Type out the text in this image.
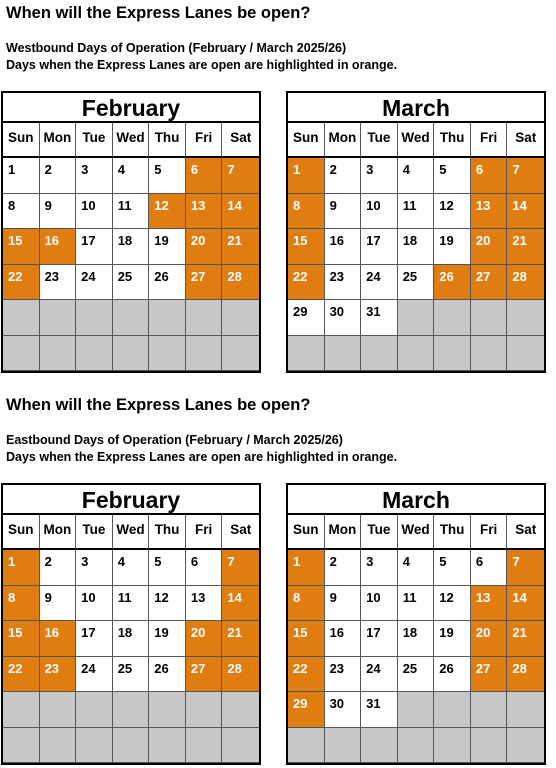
When will the Express Lanes be open?
Westbound Days of Operation (February / March 2025/26)
Days when the Express Lanes are open are highlighted in orange.
February
Sun Mon Tue Wed Thu	Fri	Sat
1	2	3	4	5	6	7
8	9	10	11	12	13	14
15	16	17	18	19	20	21
22	23	24	25	26	27	28
March
Sun Mon Tue Wed Thu	Fri	Sat
1	2	3	4	5	6	7
8	9	10	11	12	13	14
15	16	17	18	19	20	21
22	23	24	25	26	27	28
29	30	31
When will the Express Lanes be open?
Eastbound Days of Operation (February / March 2025/26)
Days when the Express Lanes are open are highlighted in orange.
February
Sun Mon Tue Wed Thu	Fri	Sat
1	2	3	4	5	6	7
8	9	10	11	12	13	14
15	16	17	18	19	20	21
22	23	24	25	26	27	28
March
Sun Mon Tue Wed Thu	Fri	Sat
1	2	3	4	5	6	7
8	9	10	11	12	13	14
15	16	17	18	19	20	21
22	23	24	25	26	27	28
29	30	31
